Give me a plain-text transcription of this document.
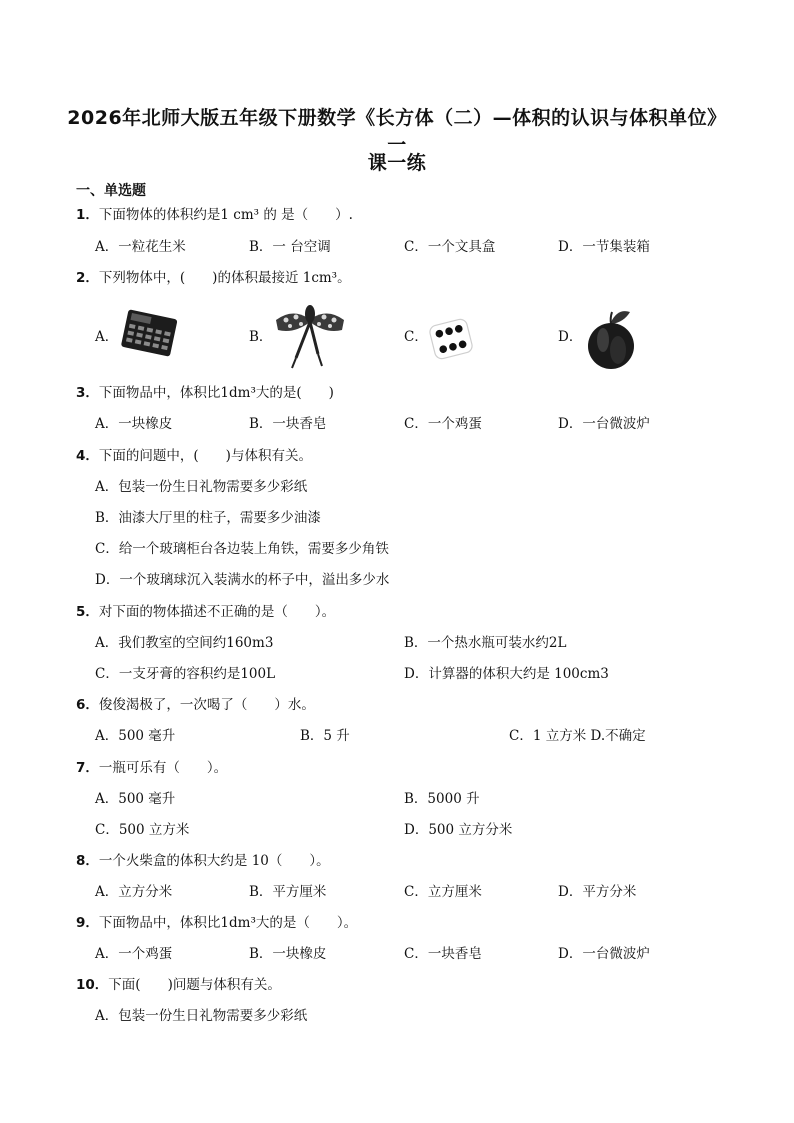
2026年北师大版五年级下册数学《长方体（二）—体积的认识与体积单位》一
课一练
一、单选题
1．下面物体的体积约是1 cm³ 的 是（　　）.
A．一粒花生米	B．一 台空调	C．一个文具盒	D．一节集装箱
2．下列物体中，(　　)的体积最接近 1cm³。
A．	B．	C．	D．
3．下面物品中，体积比1dm³大的是(　　)
A．一块橡皮	B．一块香皂	C．一个鸡蛋	D．一台微波炉
4．下面的问题中，(　　)与体积有关。
A．包装一份生日礼物需要多少彩纸
B．油漆大厅里的柱子，需要多少油漆
C．给一个玻璃柜台各边装上角铁，需要多少角铁
D．一个玻璃球沉入装满水的杯子中，溢出多少水
5．对下面的物体描述不正确的是（　　）。
A．我们教室的空间约160m3	B．一个热水瓶可装水约2L
C．一支牙膏的容积约是100L	D．计算器的体积大约是 100cm3
6．俊俊渴极了，一次喝了（　　）水。
A．500 毫升	B．5 升	C．1 立方米 D.不确定
7．一瓶可乐有（　　）。
A．500 毫升	B．5000 升
C．500 立方米	D．500 立方分米
8．一个火柴盒的体积大约是 10（　　）。
A．立方分米	B．平方厘米	C．立方厘米	D．平方分米
9．下面物品中，体积比1dm³大的是（　　）。
A．一个鸡蛋	B．一块橡皮	C．一块香皂	D．一台微波炉
10．下面(　　)问题与体积有关。
A．包装一份生日礼物需要多少彩纸
